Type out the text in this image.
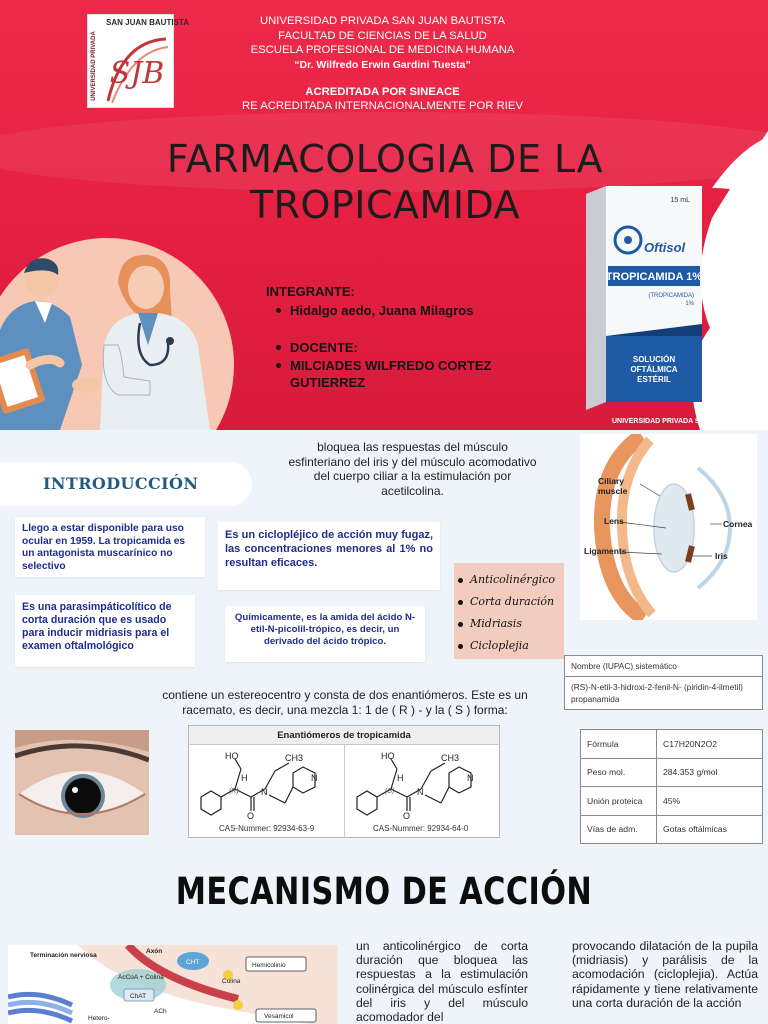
SAN JUAN BAUTISTA
UNIVERSIDAD PRIVADA SJB
UNIVERSIDAD PRIVADA SAN JUAN BAUTISTA
FACULTAD DE CIENCIAS DE LA SALUD
ESCUELA PROFESIONAL DE MEDICINA HUMANA
“Dr. Wilfredo Erwin Gardini Tuesta”
ACREDITADA POR SINEACE
RE ACREDITADA INTERNACIONALMENTE POR RIEV
FARMACOLOGIA DE LA
TROPICAMIDA
INTEGRANTE:
Hidalgo aedo, Juana Milagros
DOCENTE:
MILCIADES WILFREDO CORTEZ GUTIERREZ
15 mL
Oftisol
TROPICAMIDA 1%
(TROPICAMIDA)
1%
SOLUCIÓN
OFTÁLMICA
ESTÉRIL
UNIVERSIDAD PRIVADA SAN JUAN BAUTISTA
bloquea las respuestas del músculo esfinteriano del iris y del músculo acomodativo del cuerpo ciliar a la estimulación por acetilcolina.
INTRODUCCIÓN
Llego a estar disponible para uso ocular en 1959. La tropicamida es un antagonista muscarínico no selectivo
Es un ciclopléjico de acción muy fugaz, las concentraciones menores al 1% no resultan eficaces.
Es una parasimpáticolítico de corta duración que es usado para inducir midriasis para el examen oftalmológico
Químicamente, es la amida del ácido N-etil-N-picolil-trópico, es decir, un derivado del ácido trópico.
Anticolinérgico
Corta duración
Midriasis
Cicloplejia
Ciliary
muscle
Lens	Cornea
Ligaments	Iris
Nombre (IUPAC) sistemático
(RS)-N-etil-3-hidroxi-2-fenil-N- (piridin-4-ilmetil) propanamida
Fórmula	C17H20N2O2
Peso mol.	284.353 g/mol
Unión proteica	45%
Vías de adm.	Gotas oftálmicas
contiene un estereocentro y consta de dos enantiómeros. Este es un racemato, es decir, una mezcla 1: 1 de ( R ) - y la ( S ) forma:
Enantiómeros de tropicamida
HO	HO
O	O
N	N
CH3	CH3
N	N
H	H
(R)	(S)
CAS-Nummer: 92934-63-9	CAS-Nummer: 92934-64-0
MECANISMO DE ACCIÓN
Terminación nerviosa
Axón
CHT	Hemicolinio
Colina
AcCoA + Colina
ChAT
ACh
Vesamicol
Hetero-
un anticolinérgico de corta duración que bloquea las respuestas a la estimulación colinérgica del músculo esfínter del iris y del músculo acomodador del
provocando dilatación de la pupila (midriasis) y parálisis de la acomodación (cicloplejia). Actúa rápidamente y tiene relativamente una corta duración de la acción
